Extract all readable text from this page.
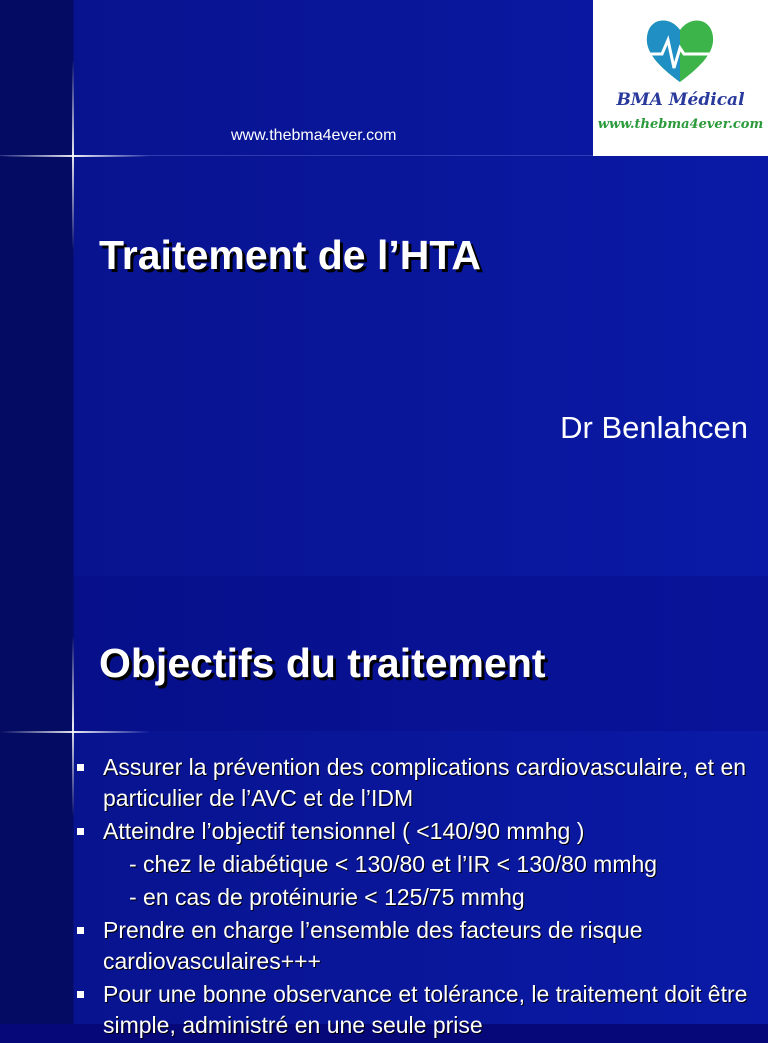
www.thebma4ever.com
BMA Médical
www.thebma4ever.com
Traitement de l’HTA
Dr Benlahcen
Objectifs du traitement
Assurer la prévention des complications cardiovasculaire, et en particulier de l’AVC et de l’IDM
Atteindre l’objectif tensionnel ( <140/90 mmhg )
- chez le diabétique < 130/80 et l’IR < 130/80 mmhg
- en cas de protéinurie < 125/75 mmhg
Prendre en charge l’ensemble des facteurs de risque cardiovasculaires+++
Pour une bonne observance et tolérance, le traitement doit être simple, administré en une seule prise
